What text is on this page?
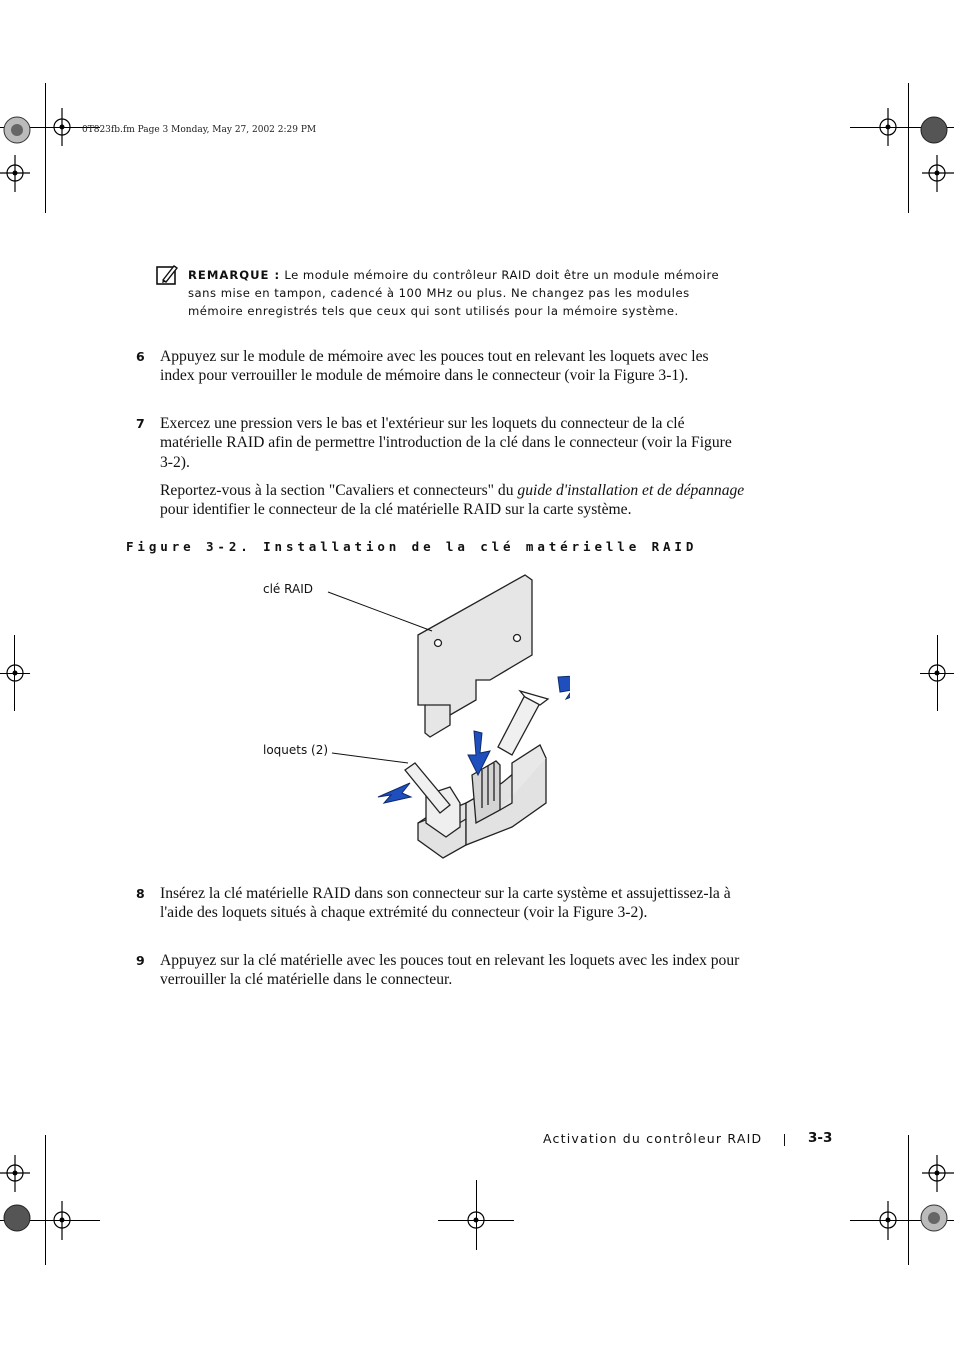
0T823fb.fm Page 3 Monday, May 27, 2002 2:29 PM
REMARQUE : Le module mémoire du contrôleur RAID doit être un module mémoire sans mise en tampon, cadencé à 100 MHz ou plus. Ne changez pas les modules mémoire enregistrés tels que ceux qui sont utilisés pour la mémoire système.
6 Appuyez sur le module de mémoire avec les pouces tout en relevant les loquets avec les index pour verrouiller le module de mémoire dans le connecteur (voir la Figure 3-1).
7 Exercez une pression vers le bas et l'extérieur sur les loquets du connecteur de la clé matérielle RAID afin de permettre l'introduction de la clé dans le connecteur (voir la Figure 3-2).
Reportez-vous à la section "Cavaliers et connecteurs" du guide d'installation et de dépannage pour identifier le connecteur de la clé matérielle RAID sur la carte système.
Figure 3-2. Installation de la clé matérielle RAID
clé RAID
loquets (2)
8 Insérez la clé matérielle RAID dans son connecteur sur la carte système et assujettissez-la à l'aide des loquets situés à chaque extrémité du connecteur (voir la Figure 3-2).
9 Appuyez sur la clé matérielle avec les pouces tout en relevant les loquets avec les index pour verrouiller la clé matérielle dans le connecteur.
Activation du contrôleur RAID	3-3
